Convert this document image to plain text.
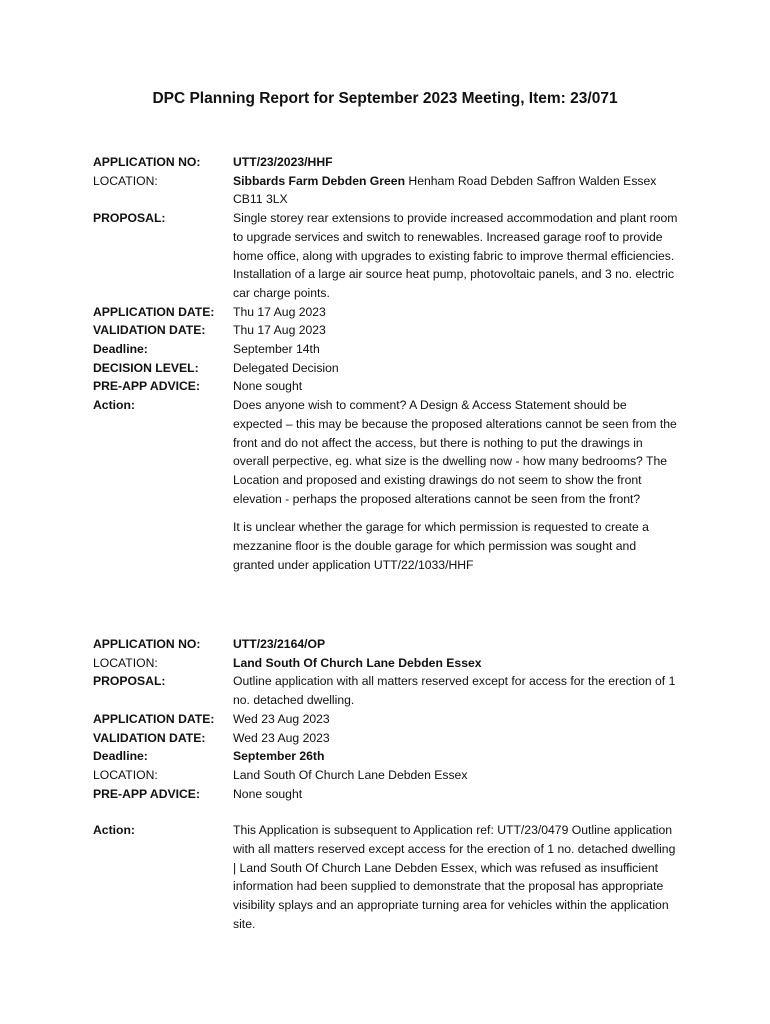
DPC Planning Report for September 2023 Meeting, Item: 23/071
APPLICATION NO:	UTT/23/2023/HHF
LOCATION:	Sibbards Farm Debden Green Henham Road Debden Saffron Walden Essex CB11 3LX
PROPOSAL:	Single storey rear extensions to provide increased accommodation and plant room to upgrade services and switch to renewables. Increased garage roof to provide home office, along with upgrades to existing fabric to improve thermal efficiencies. Installation of a large air source heat pump, photovoltaic panels, and 3 no. electric car charge points.
APPLICATION DATE:	Thu 17 Aug 2023
VALIDATION DATE:	Thu 17 Aug 2023
Deadline:	September 14th
DECISION LEVEL:	Delegated Decision
PRE-APP ADVICE:	None sought
Action:	Does anyone wish to comment? A Design & Access Statement should be expected – this may be because the proposed alterations cannot be seen from the front and do not affect the access, but there is nothing to put the drawings in overall perpective, eg. what size is the dwelling now - how many bedrooms? The Location and proposed and existing drawings do not seem to show the front elevation - perhaps the proposed alterations cannot be seen from the front?
It is unclear whether the garage for which permission is requested to create a mezzanine floor is the double garage for which permission was sought and granted under application UTT/22/1033/HHF
APPLICATION NO:	UTT/23/2164/OP
LOCATION:	Land South Of Church Lane Debden Essex
PROPOSAL:	Outline application with all matters reserved except for access for the erection of 1 no. detached dwelling.
APPLICATION DATE:	Wed 23 Aug 2023
VALIDATION DATE:	Wed 23 Aug 2023
Deadline:	September 26th
LOCATION:	Land South Of Church Lane Debden Essex
PRE-APP ADVICE:	None sought
Action:	This Application is subsequent to Application ref: UTT/23/0479 Outline application with all matters reserved except access for the erection of 1 no. detached dwelling | Land South Of Church Lane Debden Essex, which was refused as insufficient information had been supplied to demonstrate that the proposal has appropriate visibility splays and an appropriate turning area for vehicles within the application site.
